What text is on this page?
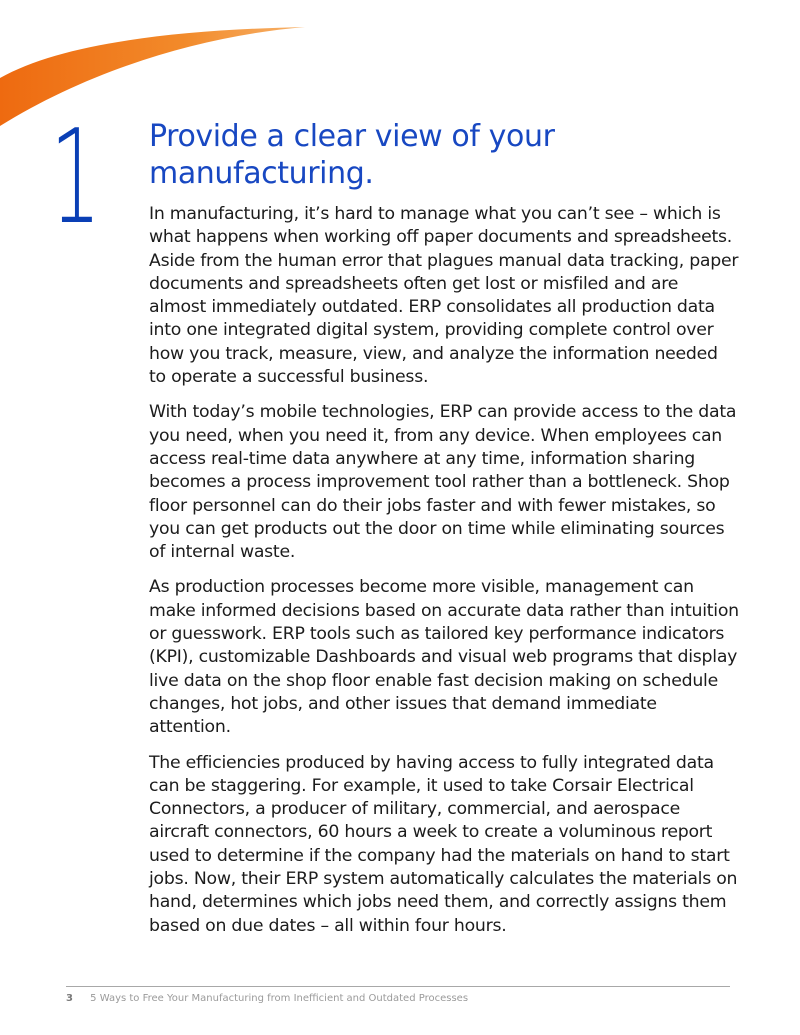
1 Provide a clear view of your manufacturing.

In manufacturing, it’s hard to manage what you can’t see – which is what happens when working off paper documents and spreadsheets. Aside from the human error that plagues manual data tracking, paper documents and spreadsheets often get lost or misfiled and are almost immediately outdated. ERP consolidates all production data into one integrated digital system, providing complete control over how you track, measure, view, and analyze the information needed to operate a successful business.

With today’s mobile technologies, ERP can provide access to the data you need, when you need it, from any device. When employees can access real-time data anywhere at any time, information sharing becomes a process improvement tool rather than a bottleneck. Shop floor personnel can do their jobs faster and with fewer mistakes, so you can get products out the door on time while eliminating sources of internal waste.

As production processes become more visible, management can make informed decisions based on accurate data rather than intuition or guesswork. ERP tools such as tailored key performance indicators (KPI), customizable Dashboards and visual web programs that display live data on the shop floor enable fast decision making on schedule changes, hot jobs, and other issues that demand immediate attention.

The efficiencies produced by having access to fully integrated data can be staggering. For example, it used to take Corsair Electrical Connectors, a producer of military, commercial, and aerospace aircraft connectors, 60 hours a week to create a voluminous report used to determine if the company had the materials on hand to start jobs. Now, their ERP system automatically calculates the materials on hand, determines which jobs need them, and correctly assigns them based on due dates – all within four hours.

3 5 Ways to Free Your Manufacturing from Inefficient and Outdated Processes
